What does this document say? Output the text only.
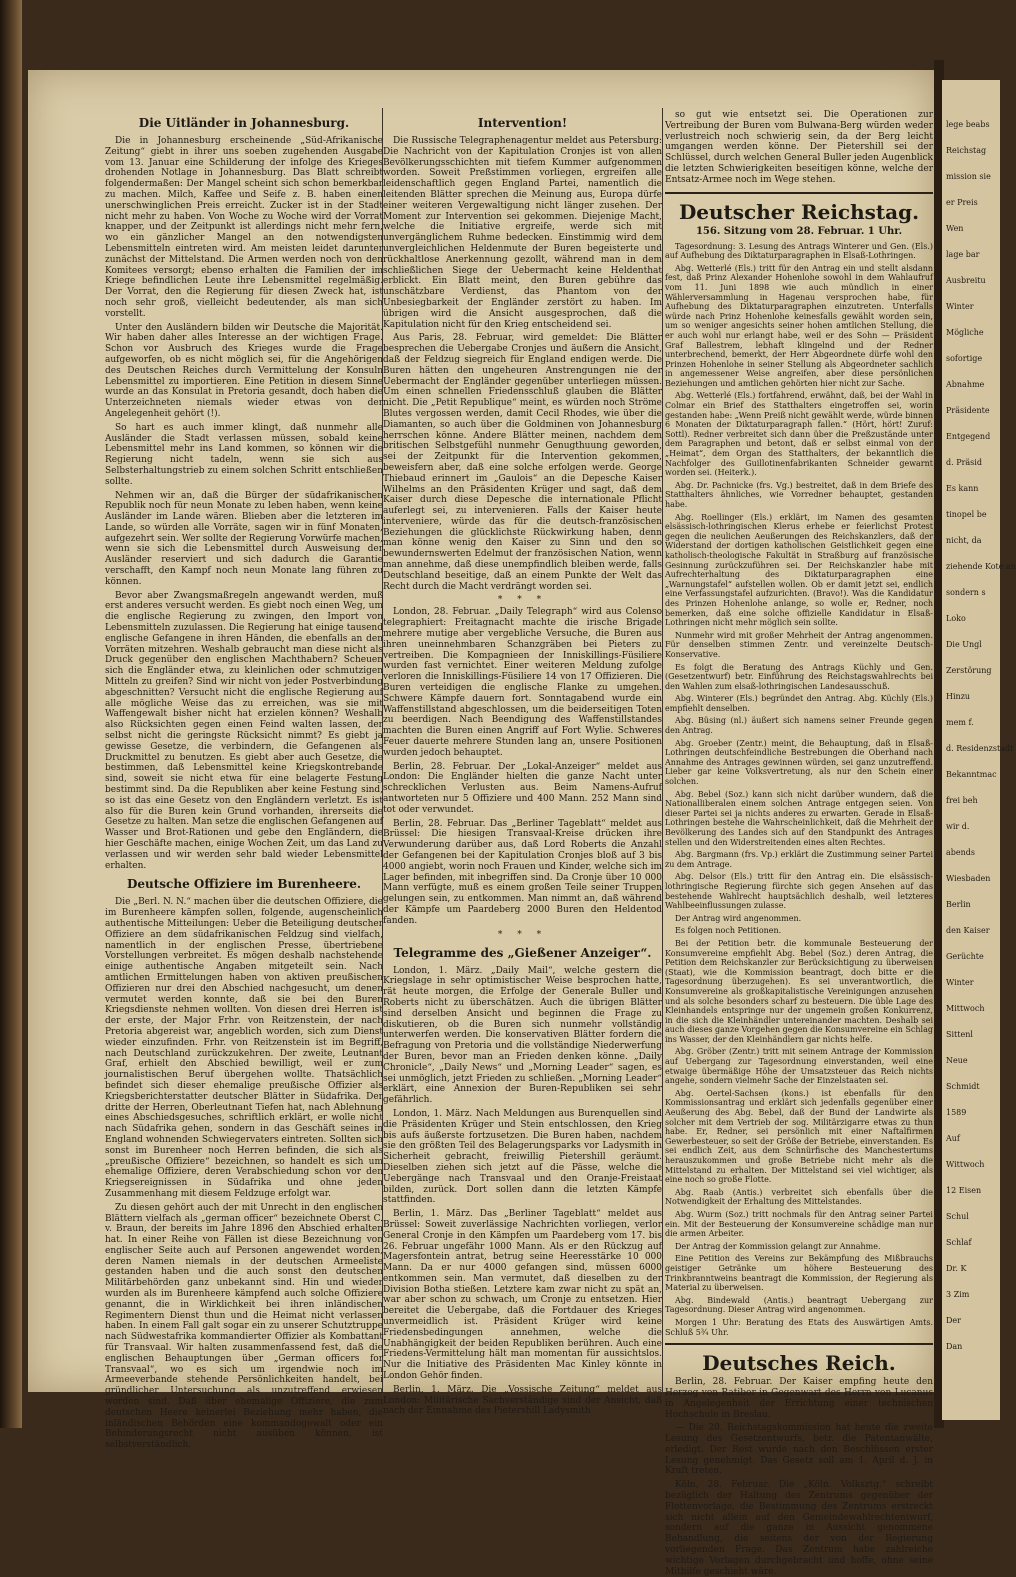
Die Uitländer in Johannesburg.

Die in Johannesburg erscheinende „Süd-Afrikanische Zeitung“ giebt in ihrer uns soeben zugehenden Ausgabe vom 13. Januar eine Schilderung der infolge des Krieges drohenden Notlage in Johannesburg. Das Blatt schreibt folgendermaßen: Der Mangel scheint sich schon bemerkbar zu machen. Milch, Kaffee und Seife z. B. haben einen unerschwinglichen Preis erreicht. Zucker ist in der Stadt nicht mehr zu haben. Von Woche zu Woche wird der Vorrat knapper, und der Zeitpunkt ist allerdings nicht mehr fern, wo ein gänzlicher Mangel an den notwendigsten Lebensmitteln eintreten wird. Am meisten leidet darunter zunächst der Mittelstand. Die Armen werden noch von den Komitees versorgt; ebenso erhalten die Familien der im Kriege befindlichen Leute ihre Lebensmittel regelmäßig. Der Vorrat, den die Regierung für diesen Zweck hat, ist noch sehr groß, vielleicht bedeutender, als man sich vorstellt.

Unter den Ausländern bilden wir Deutsche die Majorität. Wir haben daher alles Interesse an der wichtigen Frage. Schon vor Ausbruch des Krieges wurde die Frage aufgeworfen, ob es nicht möglich sei, für die Angehörigen des Deutschen Reiches durch Vermittelung der Konsuln Lebensmittel zu importieren. Eine Petition in diesem Sinne wurde an das Konsulat in Pretoria gesandt, doch haben die Unterzeichneten niemals wieder etwas von der Angelegenheit gehört (!).

So hart es auch immer klingt, daß nunmehr alle Ausländer die Stadt verlassen müssen, sobald keine Lebensmittel mehr ins Land kommen, so können wir die Regierung nicht tadeln, wenn sie sich aus Selbsterhaltungstrieb zu einem solchen Schritt entschließen sollte.

Nehmen wir an, daß die Bürger der südafrikanischen Republik noch für neun Monate zu leben haben, wenn keine Ausländer im Lande wären. Blieben aber die letzteren im Lande, so würden alle Vorräte, sagen wir in fünf Monaten, aufgezehrt sein. Wer sollte der Regierung Vorwürfe machen, wenn sie sich die Lebensmittel durch Ausweisung der Ausländer reserviert und sich dadurch die Garantie verschafft, den Kampf noch neun Monate lang führen zu können.

Bevor aber Zwangsmaßregeln angewandt werden, muß erst anderes versucht werden. Es giebt noch einen Weg, um die englische Regierung zu zwingen, den Import von Lebensmitteln zuzulassen. Die Regierung hat einige tausend englische Gefangene in ihren Händen, die ebenfalls an den Vorräten mitzehren. Weshalb gebraucht man diese nicht als Druck gegenüber den englischen Machthabern? Scheuen sich die Engländer etwa, zu kleinlichen oder schmutzigen Mitteln zu greifen? Sind wir nicht von jeder Postverbindung abgeschnitten? Versucht nicht die englische Regierung auf alle mögliche Weise das zu erreichen, was sie mit Waffengewalt bisher nicht hat erzielen können? Weshalb also Rücksichten gegen einen Feind walten lassen, der selbst nicht die geringste Rücksicht nimmt? Es giebt ja gewisse Gesetze, die verbindern, die Gefangenen als Druckmittel zu benutzen. Es giebt aber auch Gesetze, die bestimmen, daß Lebensmittel keine Kriegskontrebande sind, soweit sie nicht etwa für eine belagerte Festung bestimmt sind. Da die Republiken aber keine Festung sind, so ist das eine Gesetz von den Engländern verletzt. Es ist also für die Buren kein Grund vorhanden, ihrerseits die Gesetze zu halten. Man setze die englischen Gefangenen auf Wasser und Brot-Rationen und gebe den Engländern, die hier Geschäfte machen, einige Wochen Zeit, um das Land zu verlassen und wir werden sehr bald wieder Lebensmittel erhalten.

Deutsche Offiziere im Burenheere.

Die „Berl. N. N.“ machen über die deutschen Offiziere, die im Burenheere kämpfen sollen, folgende, augenscheinlich authentische Mitteilungen: Ueber die Beteiligung deutscher Offiziere an dem südafrikanischen Feldzug sind vielfach, namentlich in der englischen Presse, übertriebene Vorstellungen verbreitet. Es mögen deshalb nachstehende einige authentische Angaben mitgeteilt sein. Nach amtlichen Ermittelungen haben von aktiven preußischen Offizieren nur drei den Abschied nachgesucht, um denen vermutet werden konnte, daß sie bei den Buren Kriegsdienste nehmen wollten. Von diesen drei Herren ist der erste, der Major Frhr. von Reitzenstein, der nach Pretoria abgereist war, angeblich worden, sich zum Dienst wieder einzufinden. Frhr. von Reitzenstein ist im Begriff, nach Deutschland zurückzukehren. Der zweite, Leutnant Graf, erhielt den Abschied bewilligt, weil er zum journalistischen Beruf übergehen wollte. Thatsächlich befindet sich dieser ehemalige preußische Offizier als Kriegsberichterstatter deutscher Blätter in Südafrika. Der dritte der Herren, Oberleutnant Tiefen hat, nach Ablehnung eines Abschiedsgesuches, schriftlich erklärt, er wolle nicht nach Südafrika gehen, sondern in das Geschäft seines in England wohnenden Schwiegervaters eintreten. Sollten sich sonst im Burenheer noch Herren befinden, die sich als „preußische Offiziere“ bezeichnen, so handelt es sich um ehemalige Offiziere, deren Verabschiedung schon vor den Kriegsereignissen in Südafrika und ohne jeden Zusammenhang mit diesem Feldzuge erfolgt war.

Zu diesen gehört auch der mit Unrecht in den englischen Blättern vielfach als „german officer“ bezeichnete Oberst C. v. Braun, der bereits im Jahre 1896 den Abschied erhalten hat. In einer Reihe von Fällen ist diese Bezeichnung von englischer Seite auch auf Personen angewendet worden, deren Namen niemals in der deutschen Armeeliste gestanden haben und die auch sonst den deutschen Militärbehörden ganz unbekannt sind. Hin und wieder wurden als im Burenheere kämpfend auch solche Offiziere genannt, die in Wirklichkeit bei ihren inländischen Regimentern Dienst thun und die Heimat nicht verlassen haben. In einem Fall galt sogar ein zu unserer Schutztruppe nach Südwestafrika kommandierter Offizier als Kombattant für Transvaal. Wir halten zusammenfassend fest, daß die englischen Behauptungen über „German officers for Transvaal“, wo es sich um irgendwie noch im Armeeverbande stehende Persönlichkeiten handelt, bei gründlicher Untersuchung als unzutreffend erwiesen worden sind. Daß über ehemalige Offiziere, die zum deutschen Heere keinerlei Beziehung mehr haben, die inländischen Behörden eine kommandogewalt oder ein Behinderungsrecht nicht ausüben können, ist selbstverständlich.

Intervention!

Die Russische Telegraphenagentur meldet aus Petersburg: Die Nachricht von der Kapitulation Cronjes ist von allen Bevölkerungsschichten mit tiefem Kummer aufgenommen worden. Soweit Preßstimmen vorliegen, ergreifen alle leidenschaftlich gegen England Partei, namentlich die leitenden Blätter sprechen die Meinung aus, Europa dürfe einer weiteren Vergewaltigung nicht länger zusehen. Der Moment zur Intervention sei gekommen. Diejenige Macht, welche die Initiative ergreife, werde sich mit unvergänglichem Ruhme bedecken. Einstimmig wird dem unvergleichlichen Heldenmute der Buren begeisterte und rückhaltlose Anerkennung gezollt, während man in dem schließlichen Siege der Uebermacht keine Heldenthat erblickt. Ein Blatt meint, den Buren gebühre das unschätzbare Verdienst, das Phantom von der Unbesiegbarkeit der Engländer zerstört zu haben. Im übrigen wird die Ansicht ausgesprochen, daß die Kapitulation nicht für den Krieg entscheidend sei.

Aus Paris, 28. Februar, wird gemeldet: Die Blätter besprechen die Uebergabe Cronjes und äußern die Ansicht, daß der Feldzug siegreich für England endigen werde. Die Buren hätten den ungeheuren Anstrengungen nie der Uebermacht der Engländer gegenüber unterliegen müssen. Um einen schnellen Friedensschluß glauben die Blätter nicht. Die „Petit Republique“ meint, es würden noch Ströme Blutes vergossen werden, damit Cecil Rhodes, wie über die Diamanten, so auch über die Goldminen von Johannesburg herrschen könne. Andere Blätter meinen, nachdem dem britischen Selbstgefühl nunmehr Genugthuung geworden, sei der Zeitpunkt für die Intervention gekommen, beweisfern aber, daß eine solche erfolgen werde. George Thiebaud erinnert im „Gaulois“ an die Depesche Kaiser Wilhelms an den Präsidenten Krüger und sagt, daß dem Kaiser durch diese Depesche die internationale Pflicht auferlegt sei, zu intervenieren. Falls der Kaiser heute interveniere, würde das für die deutsch-französischen Beziehungen die glücklichste Rückwirkung haben, denn man könne wenig den Kaiser zu Sinn und den so bewundernswerten Edelmut der französischen Nation, wenn man annehme, daß diese unempfindlich bleiben werde, falls Deutschland beseitige, daß an einem Punkte der Welt das Recht durch die Macht verdrängt worden sei.

* * *

London, 28. Februar. „Daily Telegraph“ wird aus Colenso telegraphiert: Freitagnacht machte die irische Brigade mehrere mutige aber vergebliche Versuche, die Buren aus ihren uneinnehmbaren Schanzgräben bei Pieters zu vertreiben. Die Kompagnieen der Inniskillings-Füsiliere wurden fast vernichtet. Einer weiteren Meldung zufolge verloren die Inniskillings-Füsiliere 14 von 17 Offizieren. Die Buren verteidigen die englische Flanke zu umgehen. Schwere Kämpfe dauern fort. Sonntagabend wurde ein Waffenstillstand abgeschlossen, um die beiderseitigen Toten zu beerdigen. Nach Beendigung des Waffenstillstandes machten die Buren einen Angriff auf Fort Wylie. Schweres Feuer dauerte mehrere Stunden lang an, unsere Positionen wurden jedoch behauptet.

Berlin, 28. Februar. Der „Lokal-Anzeiger“ meldet aus London: Die Engländer hielten die ganze Nacht unter schrecklichen Verlusten aus. Beim Namens-Aufruf antworteten nur 5 Offiziere und 400 Mann. 252 Mann sind tot oder verwundet.

Berlin, 28. Februar. Das „Berliner Tageblatt“ meldet aus Brüssel: Die hiesigen Transvaal-Kreise drücken ihre Verwunderung darüber aus, daß Lord Roberts die Anzahl der Gefangenen bei der Kapitulation Cronjes bloß auf 3 bis 4000 angiebt, worin noch Frauen und Kinder, welche sich im Lager befinden, mit inbegriffen sind. Da Cronje über 10 000 Mann verfügte, muß es einem großen Teile seiner Truppen gelungen sein, zu entkommen. Man nimmt an, daß während der Kämpfe um Paardeberg 2000 Buren den Heldentod fanden.

* * *
Telegramme des „Gießener Anzeiger“.

London, 1. März. „Daily Mail“, welche gestern die Kriegslage in sehr optimistischer Weise besprochen hatte, rät heute morgen, die Erfolge der Generale Buller und Roberts nicht zu überschätzen. Auch die übrigen Blätter sind derselben Ansicht und beginnen die Frage zu diskutieren, ob die Buren sich nunmehr vollständig unterwerfen werden. Die konservativen Blätter fordern die Befragung von Pretoria und die vollständige Niederwerfung der Buren, bevor man an Frieden denken könne. „Daily Chronicle“, „Daily News“ und „Morning Leader“ sagen, es sei unmöglich, jetzt Frieden zu schließen. „Morning Leader“ erklärt, eine Annexion der Buren-Republiken sei sehr gefährlich.

London, 1. März. Nach Meldungen aus Burenquellen sind die Präsidenten Krüger und Stein entschlossen, den Krieg bis aufs äußerste fortzusetzen. Die Buren haben, nachdem sie den größten Teil des Belagerungsparks vor Ladysmith in Sicherheit gebracht, freiwillig Pietershill geräumt. Dieselben ziehen sich jetzt auf die Pässe, welche die Uebergänge nach Transvaal und den Oranje-Freistaat bilden, zurück. Dort sollen dann die letzten Kämpfe stattfinden.

Berlin, 1. März. Das „Berliner Tageblatt“ meldet aus Brüssel: Soweit zuverlässige Nachrichten vorliegen, verlor General Cronje in den Kämpfen um Paardeberg vom 17. bis 26. Februar ungefähr 1000 Mann. Als er den Rückzug auf Magersfontein antrat, betrug seine Heeresstärke 10 000 Mann. Da er nur 4000 gefangen sind, müssen 6000 entkommen sein. Man vermutet, daß dieselben zu der Division Botha stießen. Letztere kam zwar nicht zu spät an, war aber schon zu schwach, um Cronje zu entsetzen. Hier bereitet die Uebergabe, daß die Fortdauer des Krieges unvermeidlich ist. Präsident Krüger wird keine Friedensbedingungen annehmen, welche die Unabhängigkeit der beiden Republiken berühren. Auch eine Friedens-Vermittelung hält man momentan für aussichtslos. Nur die Initiative des Präsidenten Mac Kinley könnte in London Gehör finden.

Berlin, 1. März. Die „Vossische Zeitung“ meldet aus London: Militärische Sachverständige sind der Ansicht, daß nach der Einnahme des Pietershill Ladysmith

so gut wie entsetzt sei. Die Operationen zur Vertreibung der Buren vom Bulwana-Berg würden weder verlustreich noch schwierig sein, da der Berg leicht umgangen werden könne. Der Pietershill sei der Schlüssel, durch welchen General Buller jeden Augenblick die letzten Schwierigkeiten beseitigen könne, welche der Entsatz-Armee noch im Wege stehen.

Deutscher Reichstag.
156. Sitzung vom 28. Februar. 1 Uhr.

Tagesordnung: 3. Lesung des Antrags Winterer und Gen. (Els.) auf Aufhebung des Diktaturparagraphen in Elsaß-Lothringen.

Abg. Wetterlé (Els.) tritt für den Antrag ein und stellt alsdann fest, daß Prinz Alexander Hohenlohe sowohl in dem Wahlaufruf vom 11. Juni 1898 wie auch mündlich in einer Wählerversammlung in Hagenau versprochen habe, für Aufhebung des Diktaturparagraphen einzutreten. Unterfalls würde nach Prinz Hohenlohe keinesfalls gewählt worden sein, um so weniger angesichts seiner hohen amtlichen Stellung, die er auch wohl nur erlangt habe, weil er des Sohn — Präsident Graf Ballestrem, lebhaft klingelnd und der Redner unterbrechend, bemerkt, der Herr Abgeordnete dürfe wohl den Prinzen Hohenlohe in seiner Stellung als Abgeordneter sachlich in angemessener Weise angreifen, aber diese persönlichen Beziehungen und amtlichen gehörten hier nicht zur Sache.

Abg. Wetterlé (Els.) fortfahrend, erwähnt, daß, bei der Wahl in Colmar ein Brief des Statthalters eingetroffen sei, worin gestanden habe: „Wenn Preiß nicht gewählt werde, würde binnen 6 Monaten der Diktaturparagraph fallen.“ (Hört, hört! Zuruf: Sottl). Redner verbreitet sich dann über die Preßzustände unter dem Paragraphen und betont, daß er selbst einmal von der „Heimat“, dem Organ des Statthalters, der bekanntlich die Nachfolger des Guillotinenfabrikanten Schneider gewarnt worden sei. (Heiterk.).

Abg. Dr. Pachnicke (frs. Vg.) bestreitet, daß in dem Briefe des Statthalters ähnliches, wie Vorredner behauptet, gestanden habe.

Abg. Roellinger (Els.) erklärt, im Namen des gesamten elsässisch-lothringischen Klerus erhebe er feierlichst Protest gegen die neulichen Aeußerungen des Reichskanzlers, daß der Widerstand der dortigen katholischen Geistlichkeit gegen eine katholisch-theologische Fakultät in Straßburg auf französische Gesinnung zurückzuführen sei. Der Reichskanzler habe mit Aufrechterhaltung des Diktaturparagraphen eine „Warnungstafel“ aufstellen wollen. Ob er damit jetzt sei, endlich eine Verfassungstafel aufzurichten. (Bravo!). Was die Kandidatur des Prinzen Hohenlohe anlange, so wolle er, Redner, noch bemerken, daß eine solche offizielle Kandidatur in Elsaß-Lothringen nicht mehr möglich sein sollte.

Nunmehr wird mit großer Mehrheit der Antrag angenommen. Für denselben stimmen Zentr. und vereinzelte Deutsch-Konservative.

Es folgt die Beratung des Antrags Küchly und Gen. (Gesetzentwurf) betr. Einführung des Reichstagswahlrechts bei den Wahlen zum elsaß-lothringischen Landesausschuß.

Abg. Winterer (Els.) begründet den Antrag. Abg. Küchly (Els.) empfiehlt denselben.

Abg. Büsing (nl.) äußert sich namens seiner Freunde gegen den Antrag.

Abg. Groeber (Zentr.) meint, die Behauptung, daß in Elsaß-Lothringen deutschfeindliche Bestrebungen die Oberhand nach Annahme des Antrages gewinnen würden, sei ganz unzutreffend. Lieber gar keine Volksvertretung, als nur den Schein einer solchen.

Abg. Bebel (Soz.) kann sich nicht darüber wundern, daß die Nationalliberalen einem solchen Antrage entgegen seien. Von dieser Partei sei ja nichts anderes zu erwarten. Gerade in Elsaß-Lothringen bestehe die Wahrscheinlichkeit, daß die Mehrheit der Bevölkerung des Landes sich auf den Standpunkt des Antrages stellen und den Widerstreitenden eines alten Rechtes.

Abg. Bargmann (frs. Vp.) erklärt die Zustimmung seiner Partei zu dem Antrage.

Abg. Delsor (Els.) tritt für den Antrag ein. Die elsässisch-lothringische Regierung fürchte sich gegen Ansehen auf das bestehende Wahlrecht hauptsächlich deshalb, weil letzteres Wahlbeeinflussungen zulasse.

Der Antrag wird angenommen.

Es folgen noch Petitionen.

Bei der Petition betr. die kommunale Besteuerung der Konsumvereine empfiehlt Abg. Bebel (Soz.) deren Antrag, die Petition dem Reichskanzler zur Berücksichtigung zu überweisen (Staat), wie die Kommission beantragt, doch bitte er die Tagesordnung überzugehen). Es sei unverantwortlich, die Konsumvereine als großkapitalistische Vereinigungen anzusehen und als solche besonders scharf zu besteuern. Die üble Lage des Kleinhandels entspringe nur der ungemein großen Konkurrenz, in die sich die Kleinhändler untereinander machten. Deshalb sei auch dieses ganze Vorgehen gegen die Konsumvereine ein Schlag ins Wasser, der den Kleinhändlern gar nichts helfe.

Abg. Gröber (Zentr.) tritt mit seinem Antrage der Kommission auf Uebergang zur Tagesordnung einverstanden, weil eine etwaige übermäßige Höhe der Umsatzsteuer das Reich nichts angehe, sondern vielmehr Sache der Einzelstaaten sei.

Abg. Oertel-Sachsen (kons.) ist ebenfalls für den Kommissionsantrag und erklärt sich jedenfalls gegenüber einer Aeußerung des Abg. Bebel, daß der Bund der Landwirte als solcher mit dem Vertrieb der sog. Militärzigarre etwas zu thun habe. Er, Redner, sei persönlich mit einer Naftalfirmen Gewerbesteuer, so seit der Größe der Betriebe, einverstanden. Es sei endlich Zeit, aus dem Schnürfische des Manchestertums herauszukommen und große Betriebe nicht mehr als die Mittelstand zu erhalten. Der Mittelstand sei viel wichtiger, als eine noch so große Flotte.

Abg. Raab (Antis.) verbreitet sich ebenfalls über die Notwendigkeit der Erhaltung des Mittelstandes.

Abg. Wurm (Soz.) tritt nochmals für den Antrag seiner Partei ein. Mit der Besteuerung der Konsumvereine schädige man nur die armen Arbeiter.

Der Antrag der Kommission gelangt zur Annahme.

Eine Petition des Vereins zur Bekämpfung des Mißbrauchs geistiger Getränke um höhere Besteuerung des Trinkbranntweins beantragt die Kommission, der Regierung als Material zu überweisen.

Abg. Bindewald (Antis.) beantragt Uebergang zur Tagesordnung. Dieser Antrag wird angenommen.

Morgen 1 Uhr: Beratung des Etats des Auswärtigen Amts. Schluß 5¾ Uhr.

Deutsches Reich.

Berlin, 28. Februar. Der Kaiser empfing heute den Herzog von Ratibor in Gegenwart des Herrn von Lucanus in Angelegenheit der Errichtung einer technischen Hochschule in Breslau.

— Die 20. Reichstagskommission hat heute die zweite Lesung des Gesetzentwurfs, betr. die Patentanwälte, erledigt. Der Rest wurde nach den Beschlüssen erster Lesung genehmigt. Das Gesetz soll am 1. April d. J. in Kraft treten.

Köln, 28. Februar. Die „Köln. Volksztg.“ schreibt bezüglich der Haltung des Zentrums gegenüber der Flottenvorlage, die Bestimmung des Zentrums erstreckt sich nicht allein auf den Gemeindewahlrechtentwurf, sondern auf die ganze in Aussicht genommene Behandlung, die seitens der von der Regierung vorliegenden Frage. Das Zentrum habe zahlreiche wichtige Vorlagen durchgebracht und hoffe, ohne seine Mithilfe geschieht wäre.

lege beabs
Reichstag
mission sie
er Preis
Wen
lage bar
Ausbreitu
Winter
Mögliche
sofortige
Abnahme
Präsidente
Entgegend
d. Präsid
Es kann
tinopel be
nicht, da
ziehende Kote an
sondern s
Loko
Die Ungl
Zerstörung
Hinzu
mem f.
d. Residenzstadt
Bekanntmac
frei beh
wir d.
abends
Wiesbaden
Berlin
den Kaiser
Gerüchte
Winter
Mittwoch
Sittenl
Neue
Schmidt
1589
Auf
Wittwoch
12 Eisen
Schul
Schlaf
Dr. K
3 Zim
Der
Dan
